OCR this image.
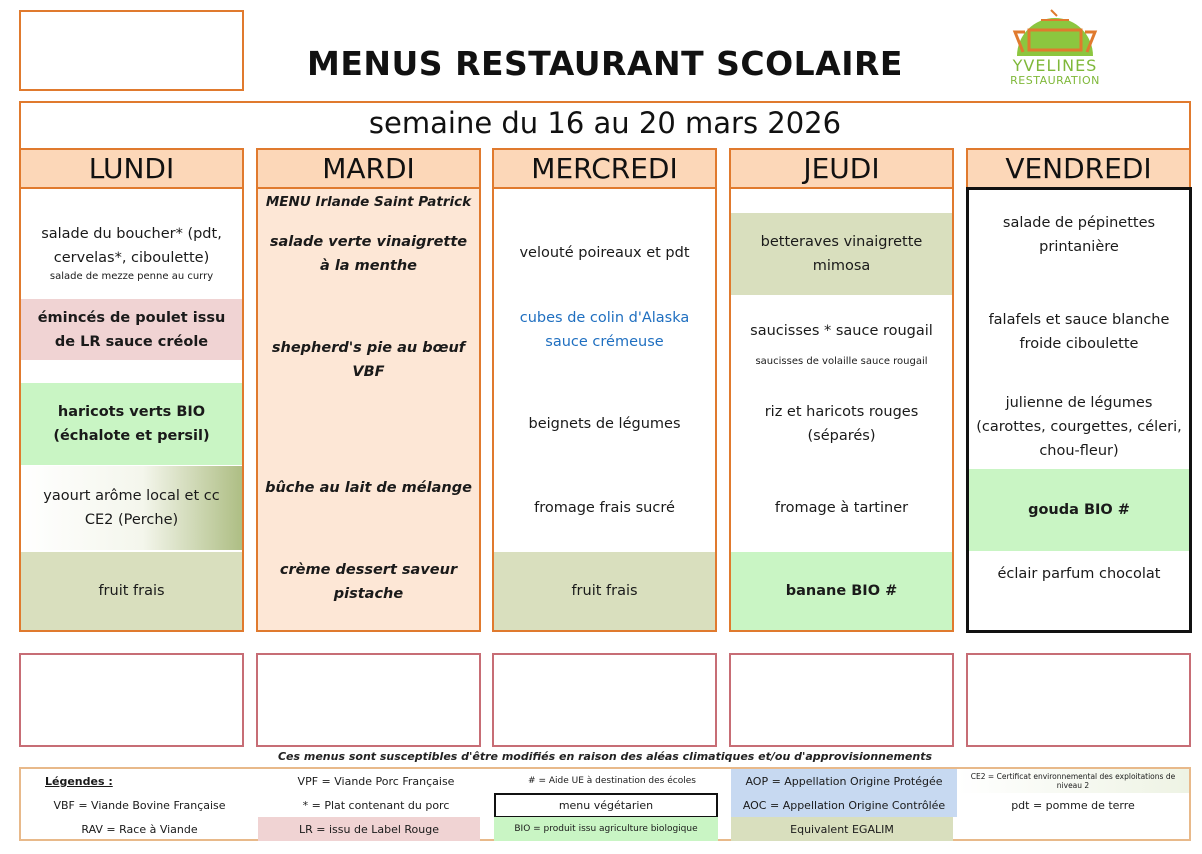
MENUS RESTAURANT SCOLAIRE	YVELINES
RESTAURATION
semaine du 16 au 20 mars 2026
LUNDI	MARDI	MERCREDI	JEUDI	VENDREDI
salade du boucher* (pdt, cervelas*, ciboulette)
salade de mezze penne au curry
émincés de poulet issu de LR sauce créole
haricots verts BIO (échalote et persil)
yaourt arôme local et cc CE2 (Perche)
fruit frais
MENU Irlande Saint Patrick
salade verte vinaigrette à la menthe
shepherd's pie au bœuf VBF
bûche au lait de mélange
crème dessert saveur pistache
velouté poireaux et pdt
cubes de colin d'Alaska sauce crémeuse
beignets de légumes
fromage frais sucré
fruit frais
betteraves vinaigrette mimosa
saucisses * sauce rougail
saucisses de volaille sauce rougail
riz et haricots rouges (séparés)
fromage à tartiner
banane BIO #
salade de pépinettes printanière
falafels et sauce blanche froide ciboulette
julienne de légumes (carottes, courgettes, céleri, chou-fleur)
gouda BIO #
éclair parfum chocolat
Ces menus sont susceptibles d'être modifiés en raison des aléas climatiques et/ou d'approvisionnements
Légendes :	VPF = Viande Porc Française	# = Aide UE à destination des écoles	AOP = Appellation Origine Protégée	CE2 = Certificat environnemental des exploitations de niveau 2
VBF = Viande Bovine Française	* = Plat contenant du porc	menu végétarien	AOC = Appellation Origine Contrôlée	pdt = pomme de terre
RAV = Race à Viande	LR = issu de Label Rouge	BIO = produit issu agriculture biologique	Equivalent EGALIM
